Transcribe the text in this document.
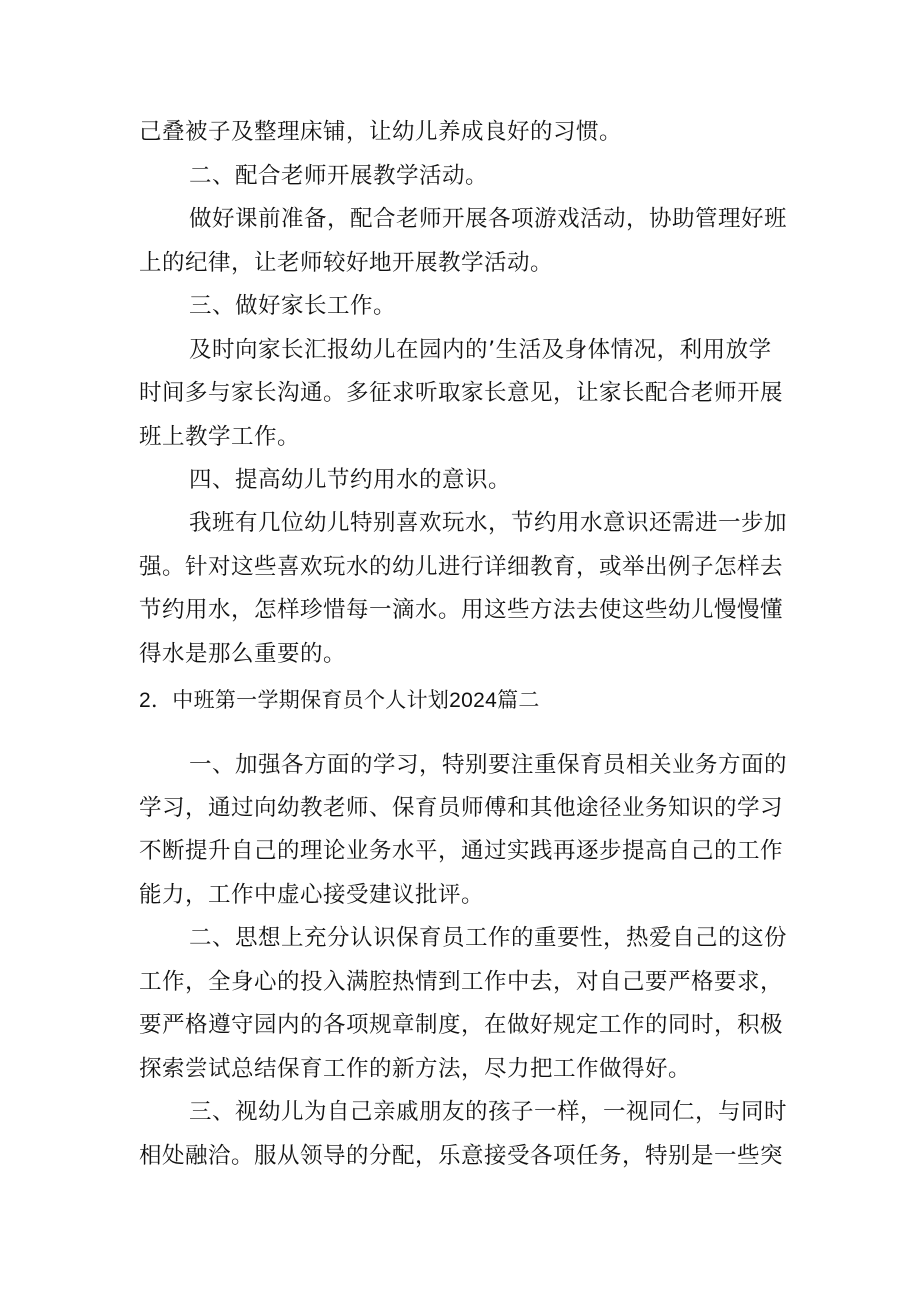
己叠被子及整理床铺，让幼儿养成良好的习惯。
二、配合老师开展教学活动。
做好课前准备，配合老师开展各项游戏活动，协助管理好班
上的纪律，让老师较好地开展教学活动。
三、做好家长工作。
及时向家长汇报幼儿在园内的’生活及身体情况，利用放学
时间多与家长沟通。多征求听取家长意见，让家长配合老师开展
班上教学工作。
四、提高幼儿节约用水的意识。
我班有几位幼儿特别喜欢玩水，节约用水意识还需进一步加
强。针对这些喜欢玩水的幼儿进行详细教育，或举出例子怎样去
节约用水，怎样珍惜每一滴水。用这些方法去使这些幼儿慢慢懂
得水是那么重要的。
2．中班第一学期保育员个人计划2024篇二
一、加强各方面的学习，特别要注重保育员相关业务方面的
学习，通过向幼教老师、保育员师傅和其他途径业务知识的学习
不断提升自己的理论业务水平，通过实践再逐步提高自己的工作
能力，工作中虚心接受建议批评。
二、思想上充分认识保育员工作的重要性，热爱自己的这份
工作，全身心的投入满腔热情到工作中去，对自己要严格要求，
要严格遵守园内的各项规章制度，在做好规定工作的同时，积极
探索尝试总结保育工作的新方法，尽力把工作做得好。
三、视幼儿为自己亲戚朋友的孩子一样，一视同仁，与同时
相处融洽。服从领导的分配，乐意接受各项任务，特别是一些突
